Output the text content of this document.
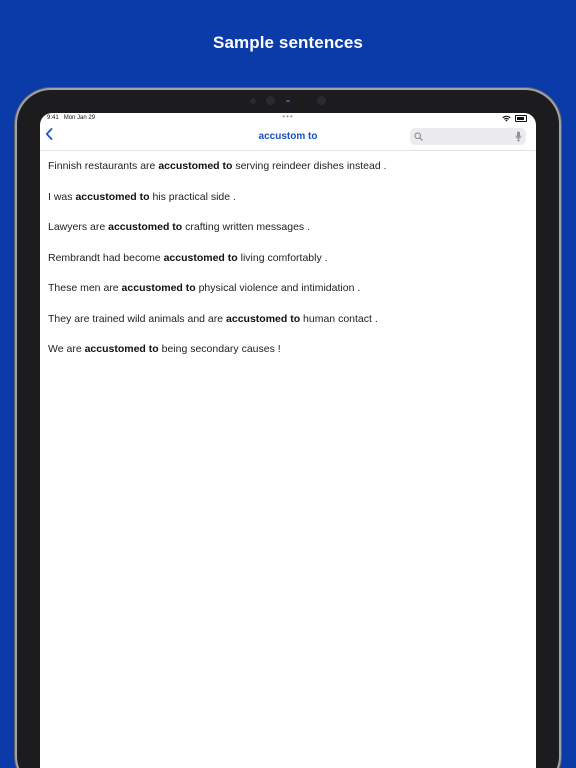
Sample sentences
9:41 Mon Jan 29	•••
accustom to

Finnish restaurants are accustomed to serving reindeer dishes instead .

I was accustomed to his practical side .

Lawyers are accustomed to crafting written messages .

Rembrandt had become accustomed to living comfortably .

These men are accustomed to physical violence and intimidation .

They are trained wild animals and are accustomed to human contact .

We are accustomed to being secondary causes !
